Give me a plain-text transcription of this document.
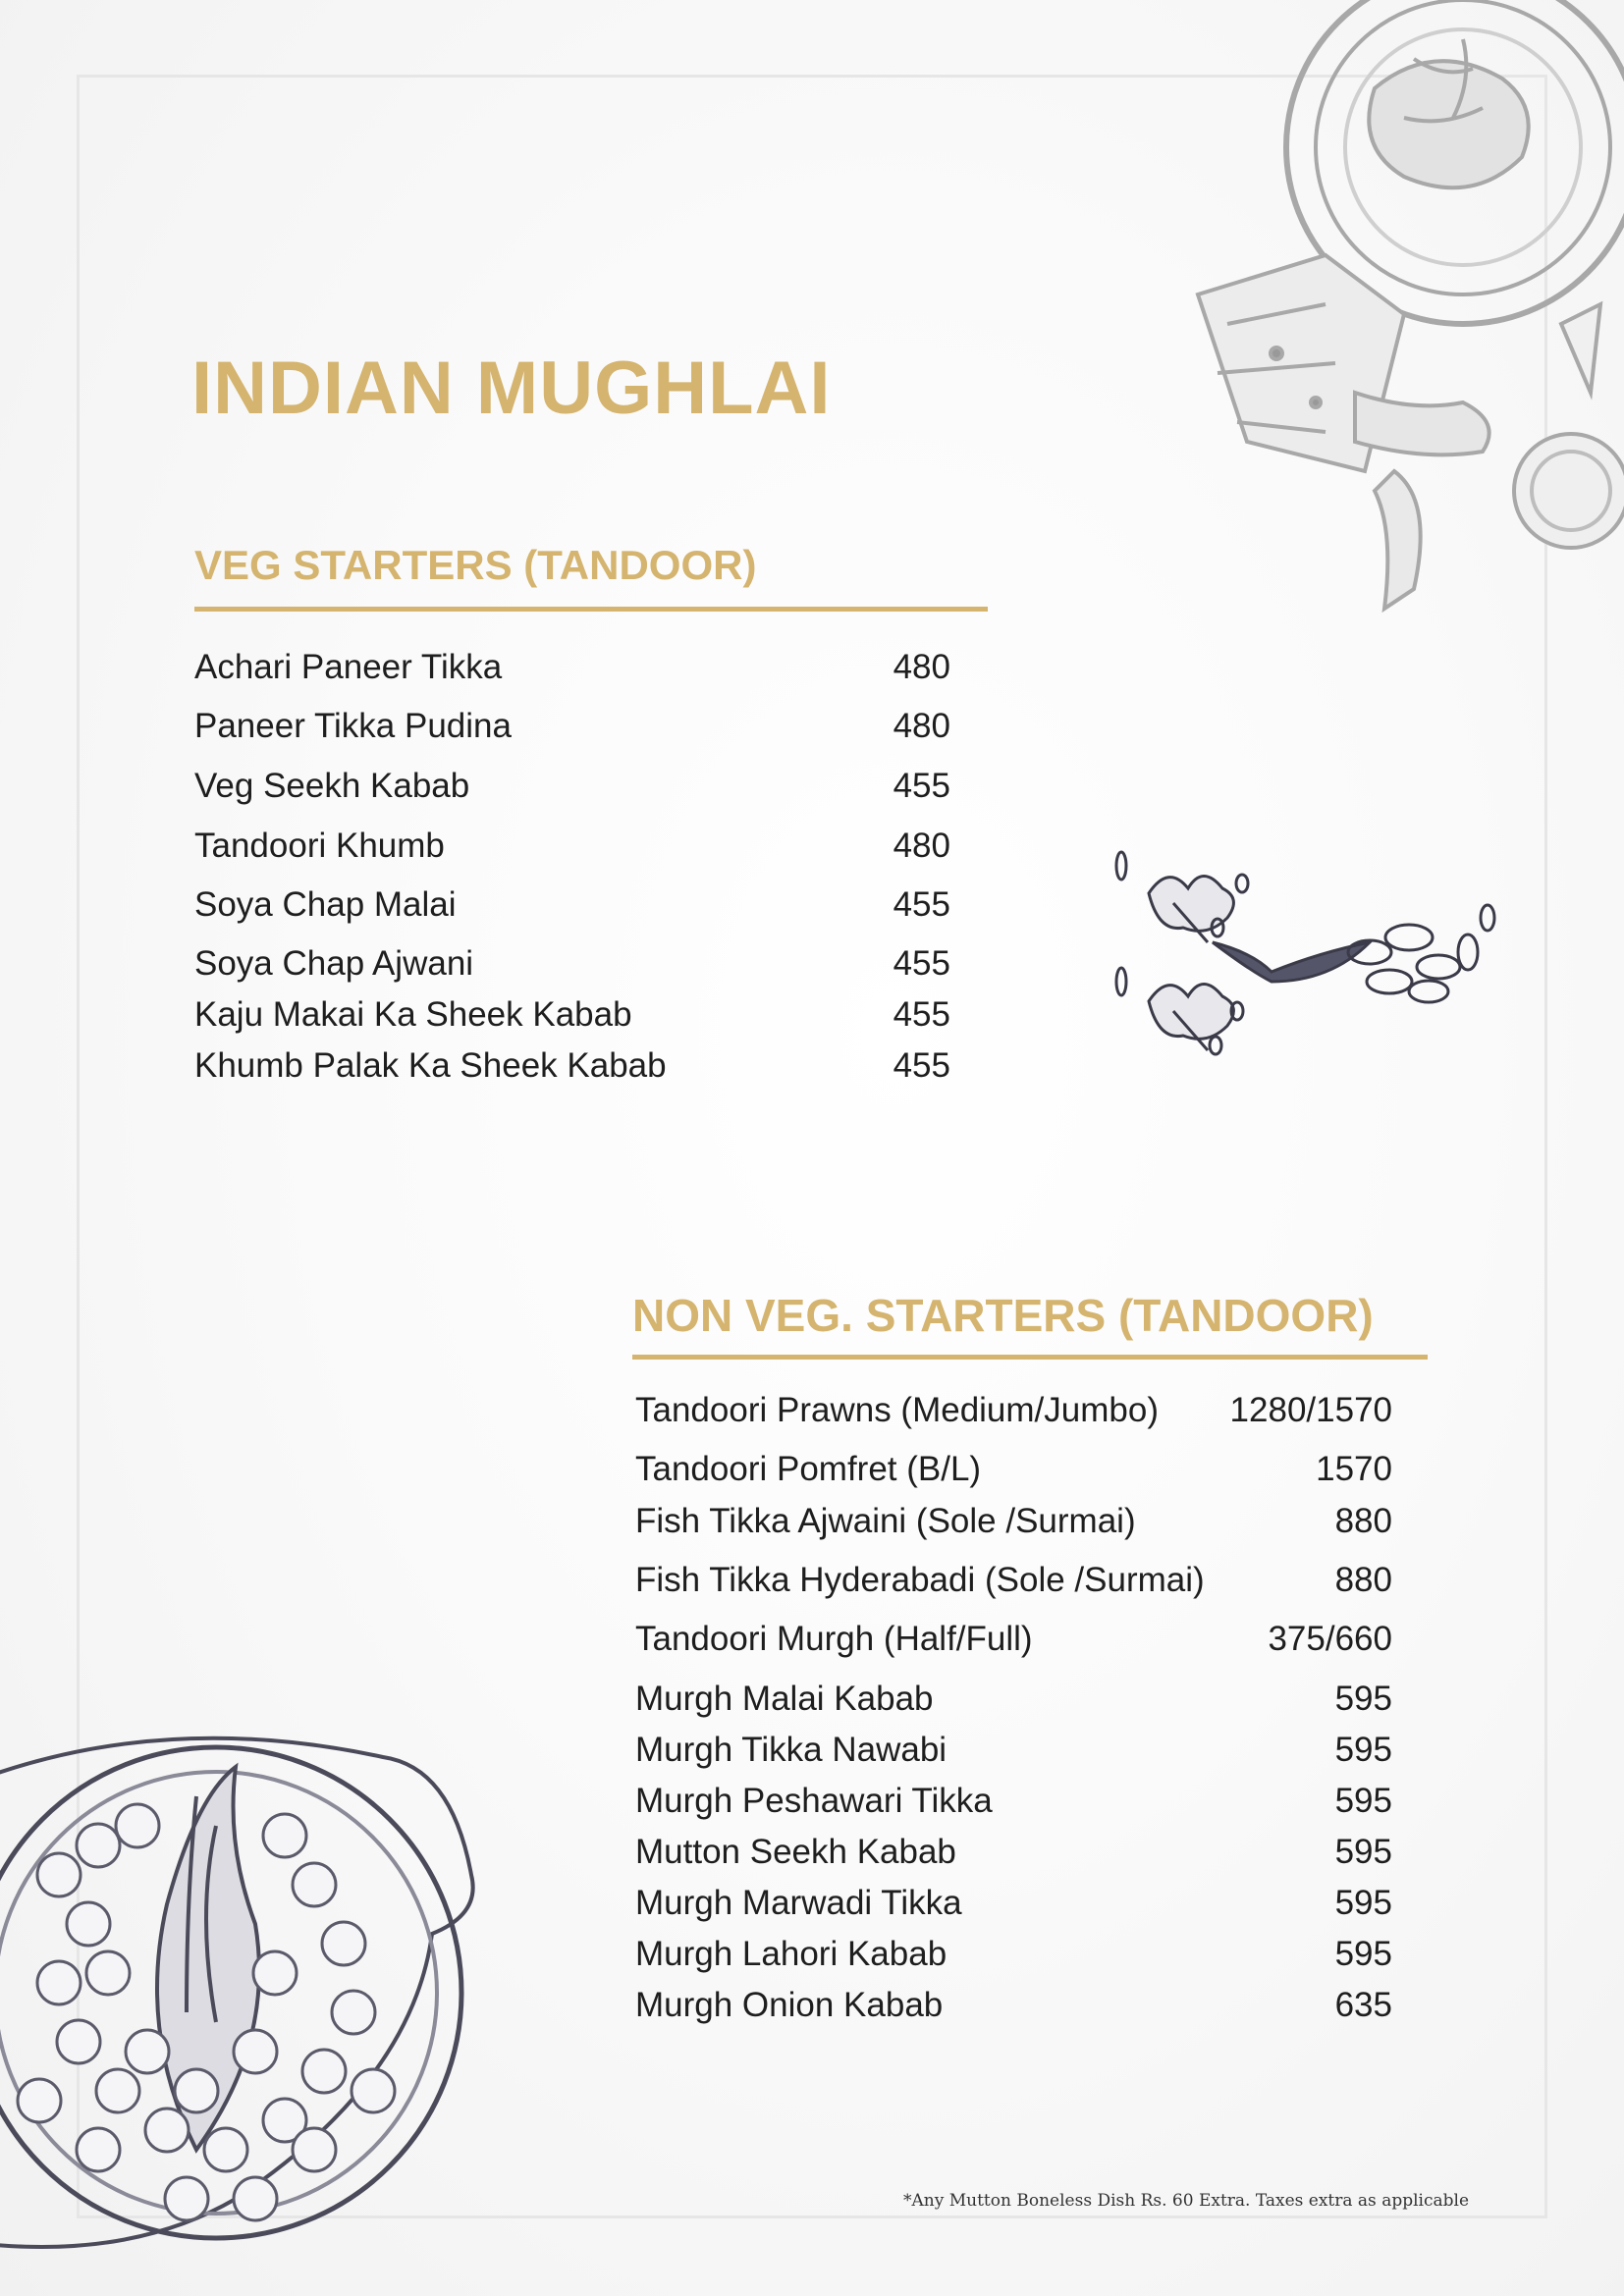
INDIAN MUGHLAI
VEG STARTERS (TANDOOR)
Achari Paneer Tikka	480
Paneer Tikka Pudina	480
Veg Seekh Kabab	455
Tandoori Khumb	480
Soya Chap Malai	455
Soya Chap Ajwani	455
Kaju Makai Ka Sheek Kabab	455
Khumb Palak Ka Sheek Kabab	455
NON VEG. STARTERS (TANDOOR)
Tandoori Prawns (Medium/Jumbo) 1280/1570
Tandoori Pomfret (B/L)	1570
Fish Tikka Ajwaini (Sole /Surmai)	880
Fish Tikka Hyderabadi (Sole /Surmai)	880
Tandoori Murgh (Half/Full)	375/660
Murgh Malai Kabab	595
Murgh Tikka Nawabi	595
Murgh Peshawari Tikka	595
Mutton Seekh Kabab	595
Murgh Marwadi Tikka	595
Murgh Lahori Kabab	595
Murgh Onion Kabab	635
*Any Mutton Boneless Dish Rs. 60 Extra. Taxes extra as applicable
